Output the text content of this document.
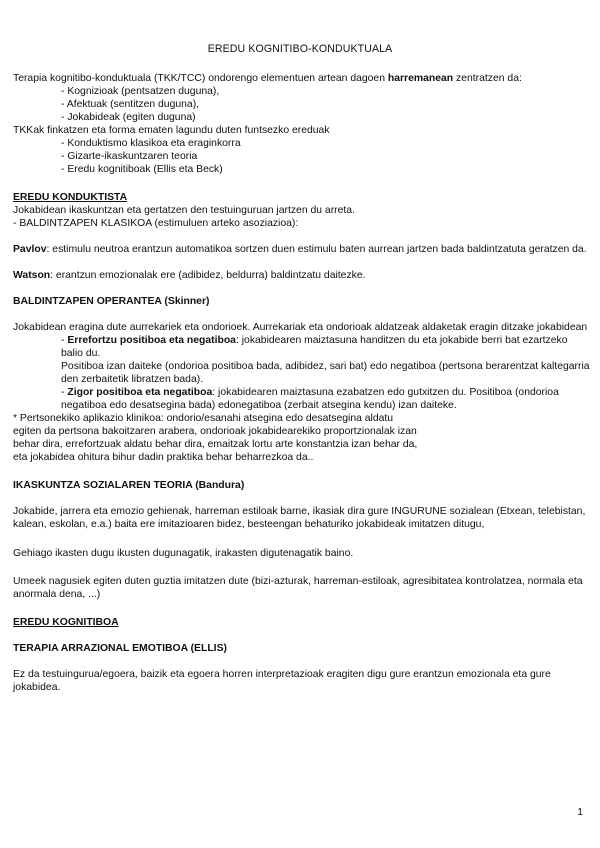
EREDU KOGNITIBO-KONDUKTUALA

Terapia kognitibo-konduktuala (TKK/TCC) ondorengo elementuen artean dagoen harremanean zentratzen da:

- Kognizioak (pentsatzen duguna),
- Afektuak (sentitzen duguna),
- Jokabideak (egiten duguna)

TKKak finkatzen eta forma ematen lagundu duten funtsezko ereduak

- Konduktismo klasikoa eta eraginkorra
- Gizarte-ikaskuntzaren teoria
- Eredu kognitiboak (Ellis eta Beck)

EREDU KONDUKTISTA

Jokabidean ikaskuntzan eta gertatzen den testuinguruan jartzen du arreta.

- BALDINTZAPEN KLASIKOA (estimuluen arteko asoziazioa):

Pavlov: estimulu neutroa erantzun automatikoa sortzen duen estimulu baten aurrean jartzen bada baldintzatuta geratzen da.

Watson: erantzun emozionalak ere (adibidez, beldurra) baldintzatu daitezke.

BALDINTZAPEN OPERANTEA (Skinner)

Jokabidean eragina dute aurrekariek eta ondorioek. Aurrekariak eta ondorioak aldatzeak aldaketak eragin ditzake jokabidean

- Errefortzu positiboa eta negatiboa: jokabidearen maiztasuna handitzen du eta jokabide berri bat ezartzeko balio du.

Positiboa izan daiteke (ondorioa positiboa bada, adibidez, sari bat) edo negatiboa (pertsona berarentzat kaltegarria den zerbaitetik libratzen bada).

- Zigor positiboa eta negatiboa: jokabidearen maiztasuna ezabatzen edo gutxitzen du. Positiboa (ondorioa negatiboa edo desatsegina bada) edonegatiboa (zerbait atsegina kendu) izan daiteke.

* Pertsonekiko aplikazio klinikoa: ondorio/esanahi atsegina edo desatsegina aldatu

egiten da pertsona bakoitzaren arabera, ondorioak jokabidearekiko proportzionalak izan

behar dira, errefortzuak aldatu behar dira, emaitzak lortu arte konstantzia izan behar da,

eta jokabidea ohitura bihur dadin praktika behar beharrezkoa da..

IKASKUNTZA SOZIALAREN TEORIA (Bandura)

Jokabide, jarrera eta emozio gehienak, harreman estiloak barne, ikasiak dira gure INGURUNE sozialean (Etxean, telebistan, kalean, eskolan, e.a.) baita ere imitazioaren bidez, besteengan behaturiko jokabideak imitatzen ditugu,

Gehiago ikasten dugu ikusten dugunagatik, irakasten digutenagatik baino.

Umeek nagusiek egiten duten guztia imitatzen dute (bizi-azturak, harreman-estiloak, agresibitatea kontrolatzea, normala eta anormala dena, ...)

EREDU KOGNITIBOA

TERAPIA ARRAZIONAL EMOTIBOA (ELLIS)

Ez da testuingurua/egoera, baizik eta egoera horren interpretazioak eragiten digu gure erantzun emozionala eta gure jokabidea.

1
